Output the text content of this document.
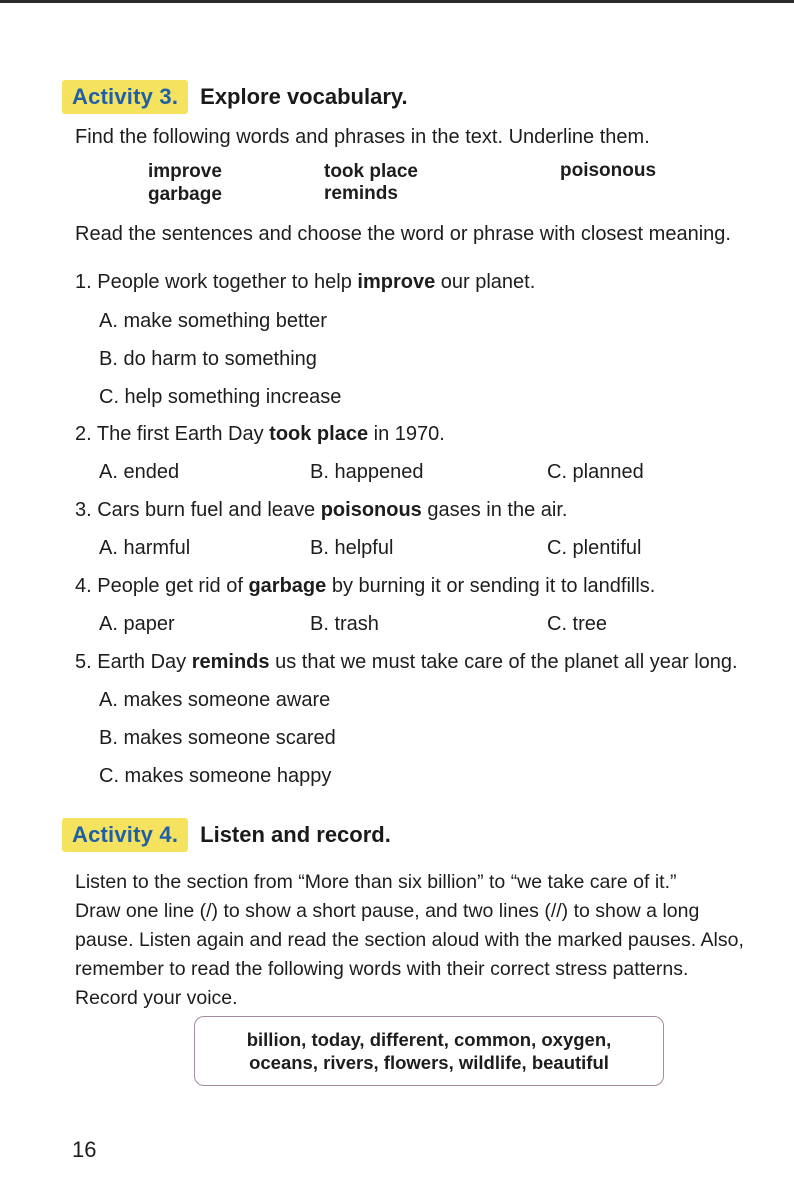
Activity 3.	Explore vocabulary.
Find the following words and phrases in the text. Underline them.
improve	took place	poisonous
garbage	reminds
Read the sentences and choose the word or phrase with closest meaning.
1. People work together to help improve our planet.
A. make something better
B. do harm to something
C. help something increase
2. The first Earth Day took place in 1970.
A. ended	B. happened	C. planned
3. Cars burn fuel and leave poisonous gases in the air.
A. harmful	B. helpful	C. plentiful
4. People get rid of garbage by burning it or sending it to landfills.
A. paper	B. trash	C. tree
5. Earth Day reminds us that we must take care of the planet all year long.
A. makes someone aware
B. makes someone scared
C. makes someone happy
Activity 4.	Listen and record.
Listen to the section from “More than six billion” to “we take care of it.”
Draw one line (/) to show a short pause, and two lines (//) to show a long
pause. Listen again and read the section aloud with the marked pauses. Also,
remember to read the following words with their correct stress patterns.
Record your voice.
billion, today, different, common, oxygen,
oceans, rivers, flowers, wildlife, beautiful
16
